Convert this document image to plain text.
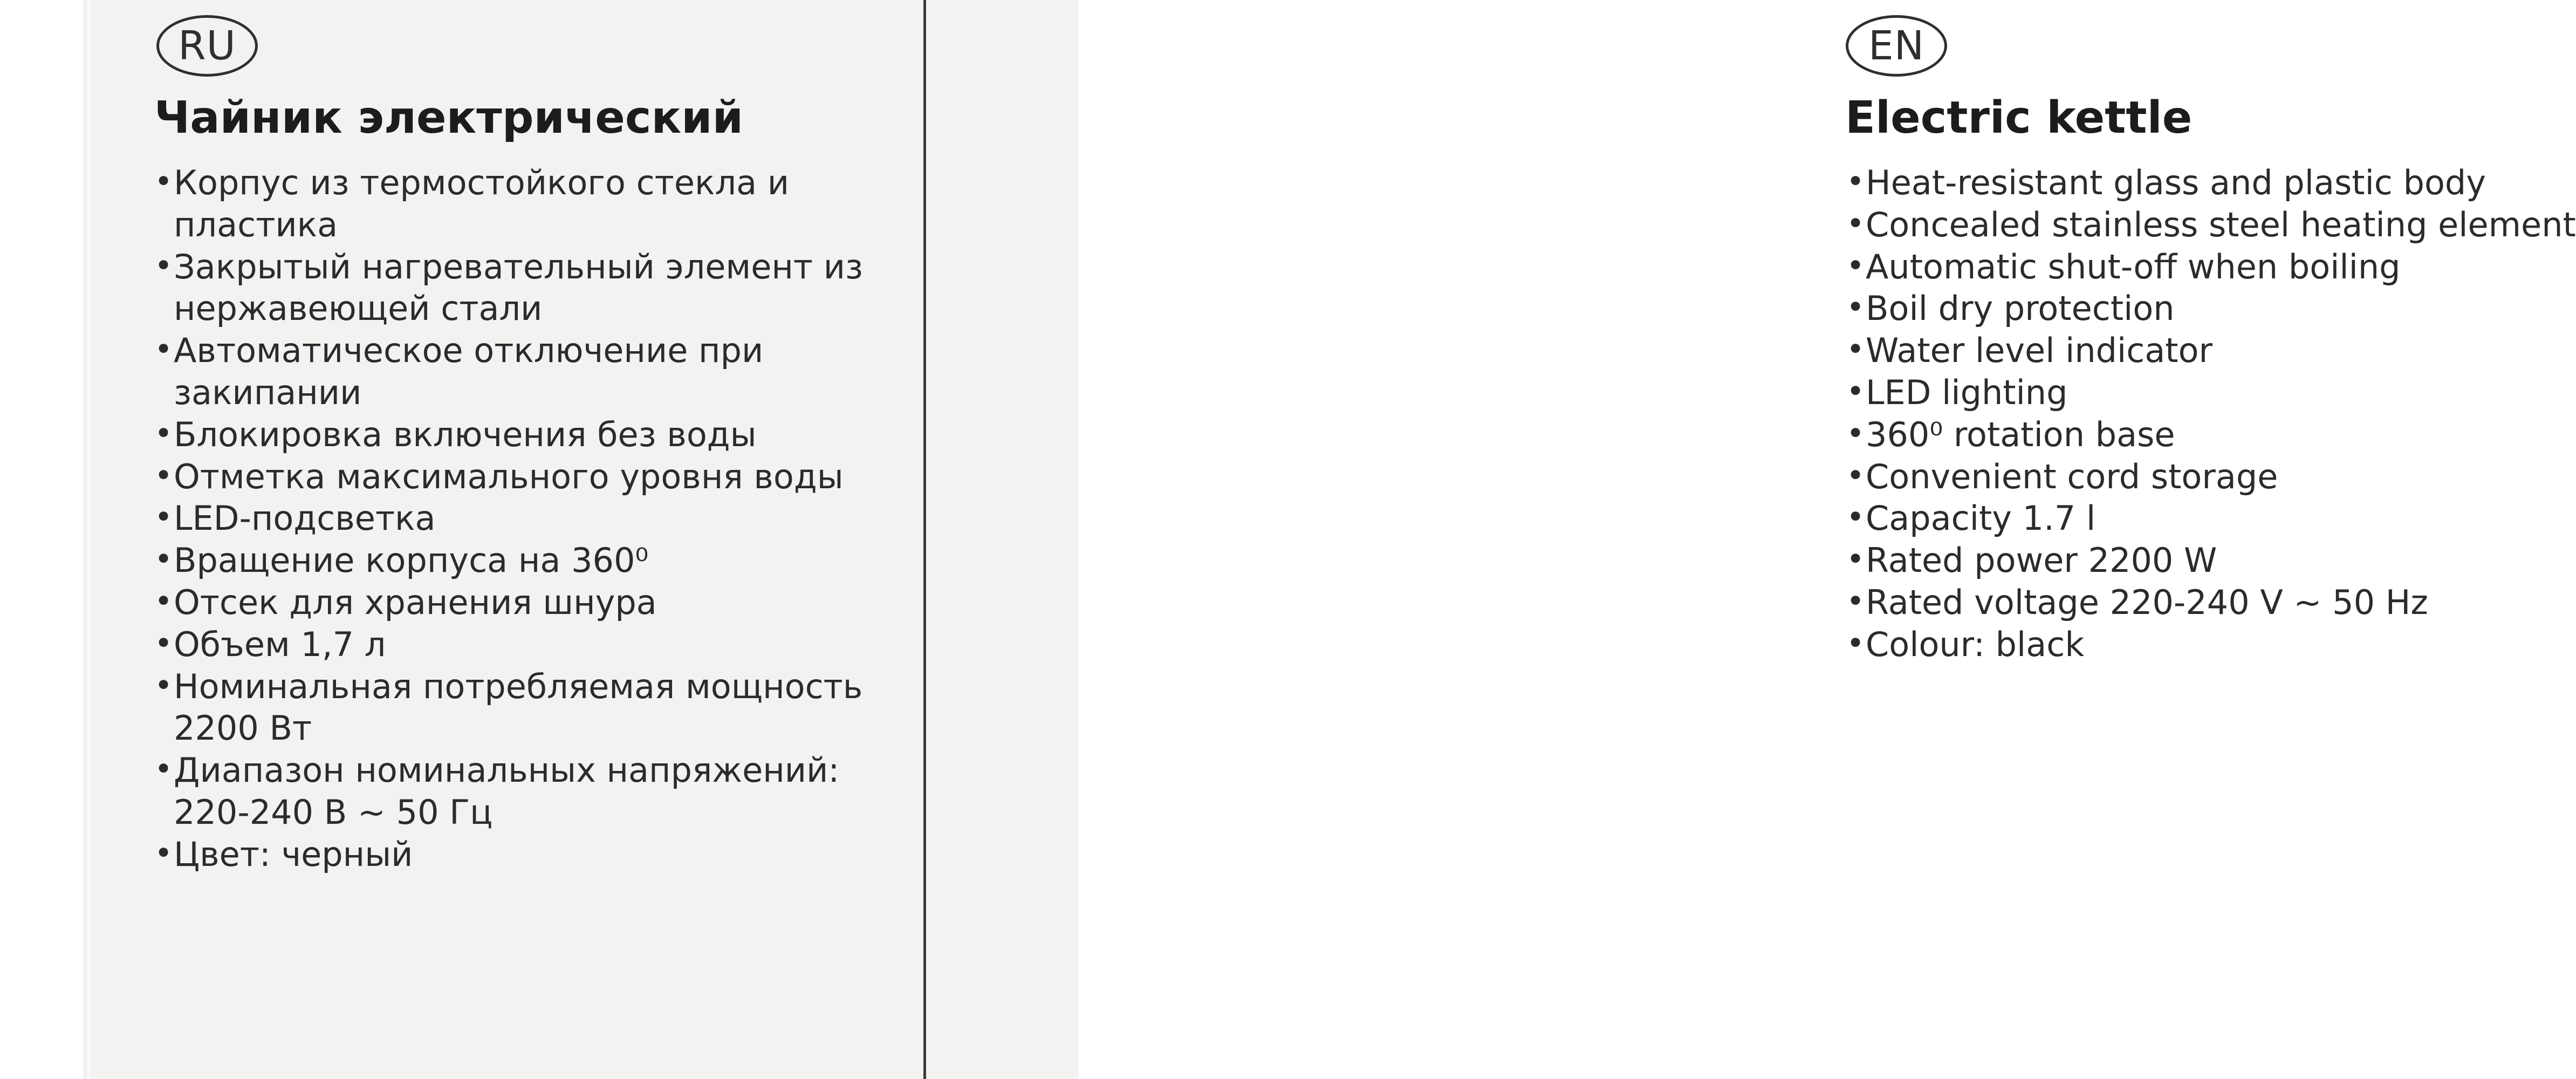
RU
Чайник электрический
• Корпус из термостойкого стекла и пластика
• Закрытый нагревательный элемент из нержавеющей стали
• Автоматическое отключение при закипании
• Блокировка включения без воды
• Отметка максимального уровня воды
• LED-подсветка
• Вращение корпуса на 360⁰
• Отсек для хранения шнура
• Объем 1,7 л
• Номинальная потребляемая мощность 2200 Вт
• Диапазон номинальных напряжений: 220-240 В ~ 50 Гц
• Цвет: черный
EN
Electric kettle
• Heat-resistant glass and plastic body
• Concealed stainless steel heating element
• Automatic shut-off when boiling
• Boil dry protection
• Water level indicator
• LED lighting
• 360⁰ rotation base
• Convenient cord storage
• Capacity 1.7 l
• Rated power 2200 W
• Rated voltage 220-240 V ~ 50 Hz
• Colour: black
